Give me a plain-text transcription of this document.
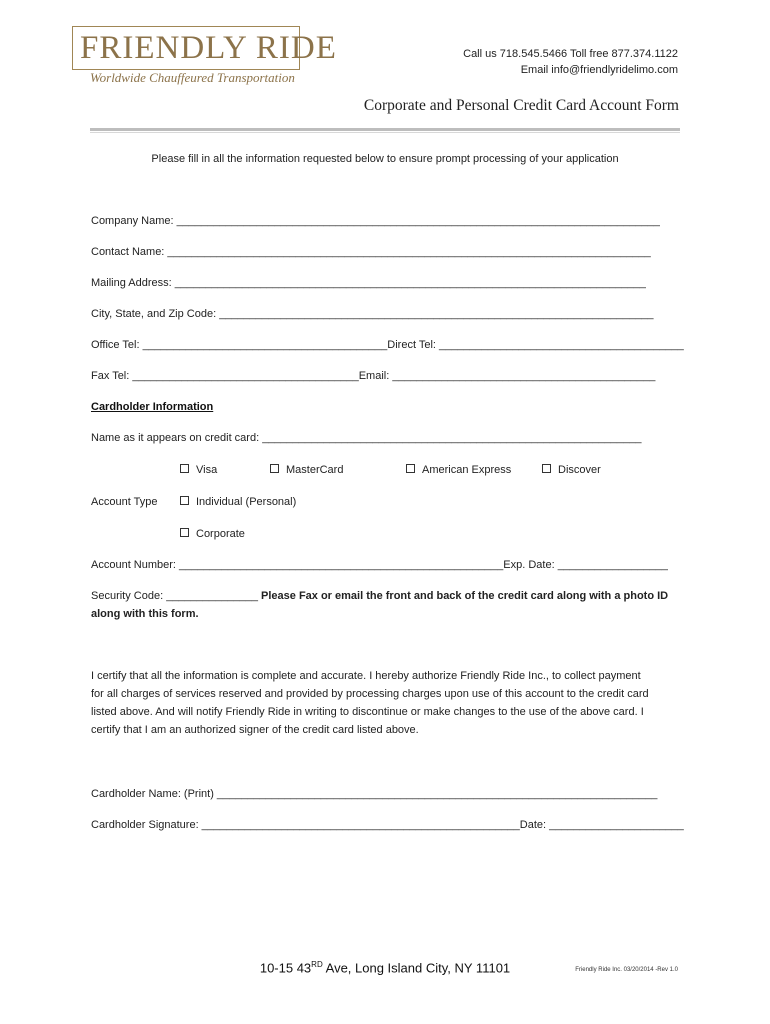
FRIENDLY RIDE
Worldwide Chauffeured Transportation
Call us 718.545.5466 Toll free 877.374.1122
Email info@friendlyridelimo.com
Corporate and Personal Credit Card Account Form
Please fill in all the information requested below to ensure prompt processing of your application
Company Name: _______________________________________________________________________________
Contact Name: _______________________________________________________________________________
Mailing Address: _____________________________________________________________________________
City, State, and Zip Code: _______________________________________________________________________
Office Tel: ________________________________________Direct Tel: ________________________________________
Fax Tel: _____________________________________Email: ___________________________________________
Cardholder Information
Name as it appears on credit card: ______________________________________________________________
Visa	MasterCard	American Express	Discover
Account Type	Individual (Personal)
Corporate
Account Number: _____________________________________________________Exp. Date: __________________
Security Code: _______________ Please Fax or email the front and back of the credit card along with a photo ID
along with this form.
I certify that all the information is complete and accurate. I hereby authorize Friendly Ride Inc., to collect payment
for all charges of services reserved and provided by processing charges upon use of this account to the credit card
listed above. And will notify Friendly Ride in writing to discontinue or make changes to the use of the above card. I
certify that I am an authorized signer of the credit card listed above.
Cardholder Name: (Print) ________________________________________________________________________
Cardholder Signature: ____________________________________________________Date: ______________________
10-15 43RD Ave, Long Island City, NY 11101	Friendly Ride Inc. 03/20/2014 -Rev 1.0
